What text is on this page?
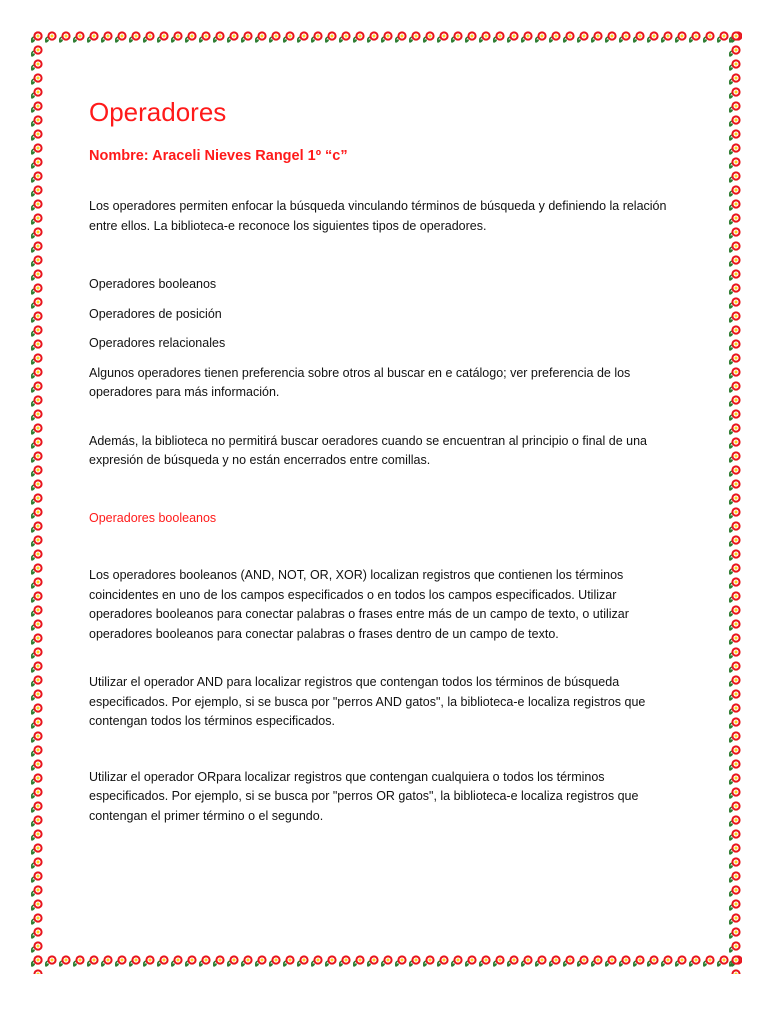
Operadores
Nombre: Araceli Nieves Rangel 1º “c”

Los operadores permiten enfocar la búsqueda vinculando términos de búsqueda y definiendo la relación entre ellos. La biblioteca-e reconoce los siguientes tipos de operadores.

Operadores booleanos

Operadores de posición

Operadores relacionales

Algunos operadores tienen preferencia sobre otros al buscar en e catálogo; ver preferencia de los operadores para más información.

Además, la biblioteca no permitirá buscar oeradores cuando se encuentran al principio o final de una expresión de búsqueda y no están encerrados entre comillas.

Operadores booleanos

Los operadores booleanos (AND, NOT, OR, XOR) localizan registros que contienen los términos coincidentes en uno de los campos especificados o en todos los campos especificados. Utilizar operadores booleanos para conectar palabras o frases entre más de un campo de texto, o utilizar operadores booleanos para conectar palabras o frases dentro de un campo de texto.

Utilizar el operador AND para localizar registros que contengan todos los términos de búsqueda especificados. Por ejemplo, si se busca por "perros AND gatos", la biblioteca-e localiza registros que contengan todos los términos especificados.

Utilizar el operador ORpara localizar registros que contengan cualquiera o todos los términos especificados. Por ejemplo, si se busca por "perros OR gatos", la biblioteca-e localiza registros que contengan el primer término o el segundo.
